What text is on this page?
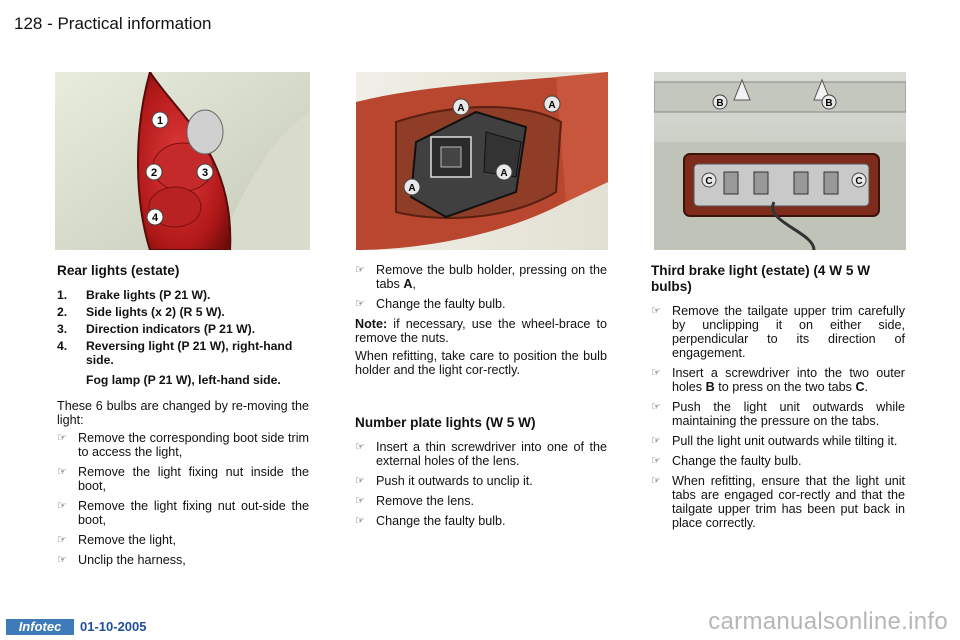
128 - Practical information
1
2	3
4
A	A
A
A
B	B
C	C
Rear lights (estate)
1.	Brake lights (P 21 W).
2.	Side lights (x 2) (R 5 W).
3.	Direction indicators (P 21 W).
4.	Reversing light (P 21 W), right-hand side.
Fog lamp (P 21 W), left-hand side.

These 6 bulbs are changed by re-moving the light:

☞ Remove the corresponding boot side trim to access the light,
☞ Remove the light fixing nut inside the boot,
☞ Remove the light fixing nut out-side the boot,
☞ Remove the light,
☞ Unclip the harness,
☞ Remove the bulb holder, pressing on the tabs A,
☞ Change the faulty bulb.

Note: if necessary, use the wheel-brace to remove the nuts.

When refitting, take care to position the bulb holder and the light cor-rectly.

Number plate lights (W 5 W)
☞ Insert a thin screwdriver into one of the external holes of the lens.
☞ Push it outwards to unclip it.
☞ Remove the lens.
☞ Change the faulty bulb.
Third brake light (estate) (4 W 5 W bulbs)
☞ Remove the tailgate upper trim carefully by unclipping it on either side, perpendicular to its direction of engagement.
☞ Insert a screwdriver into the two outer holes B to press on the two tabs C.
☞ Push the light unit outwards while maintaining the pressure on the tabs.
☞ Pull the light unit outwards while tilting it.
☞ Change the faulty bulb.
☞ When refitting, ensure that the light unit tabs are engaged cor-rectly and that the tailgate upper trim has been put back in place correctly.
Infotec	01-10-2005	carmanualsonline.info
